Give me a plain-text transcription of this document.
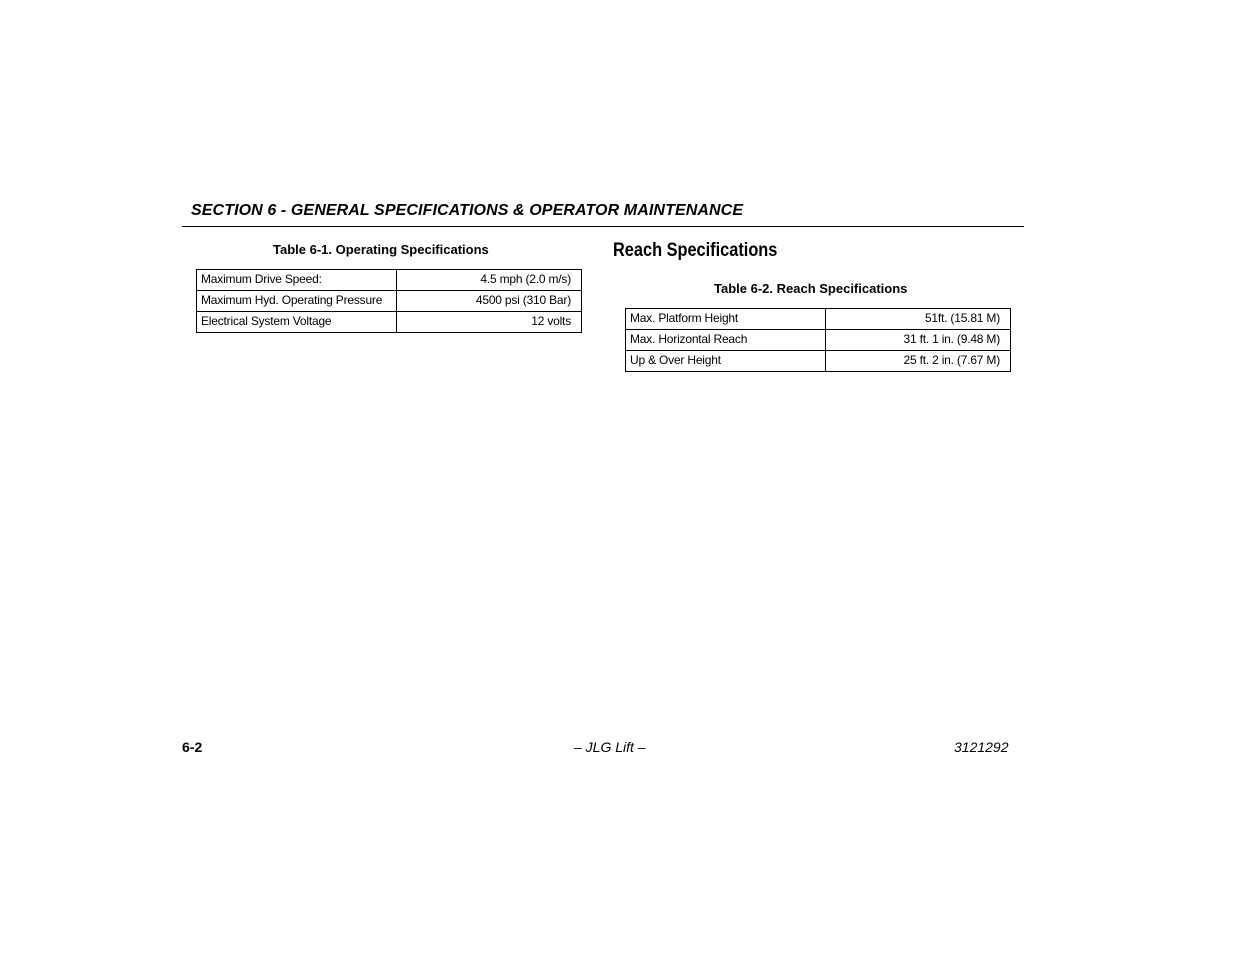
SECTION 6 - GENERAL SPECIFICATIONS & OPERATOR MAINTENANCE
Table 6-1. Operating Specifications
Maximum Drive Speed:	4.5 mph (2.0 m/s)
Maximum Hyd. Operating Pressure	4500 psi (310 Bar)
Electrical System Voltage	12 volts
Reach Specifications
Table 6-2. Reach Specifications
Max. Platform Height	51ft. (15.81 M)
Max. Horizontal Reach	31 ft. 1 in. (9.48 M)
Up & Over Height	25 ft. 2 in. (7.67 M)
6-2	– JLG Lift –	3121292
